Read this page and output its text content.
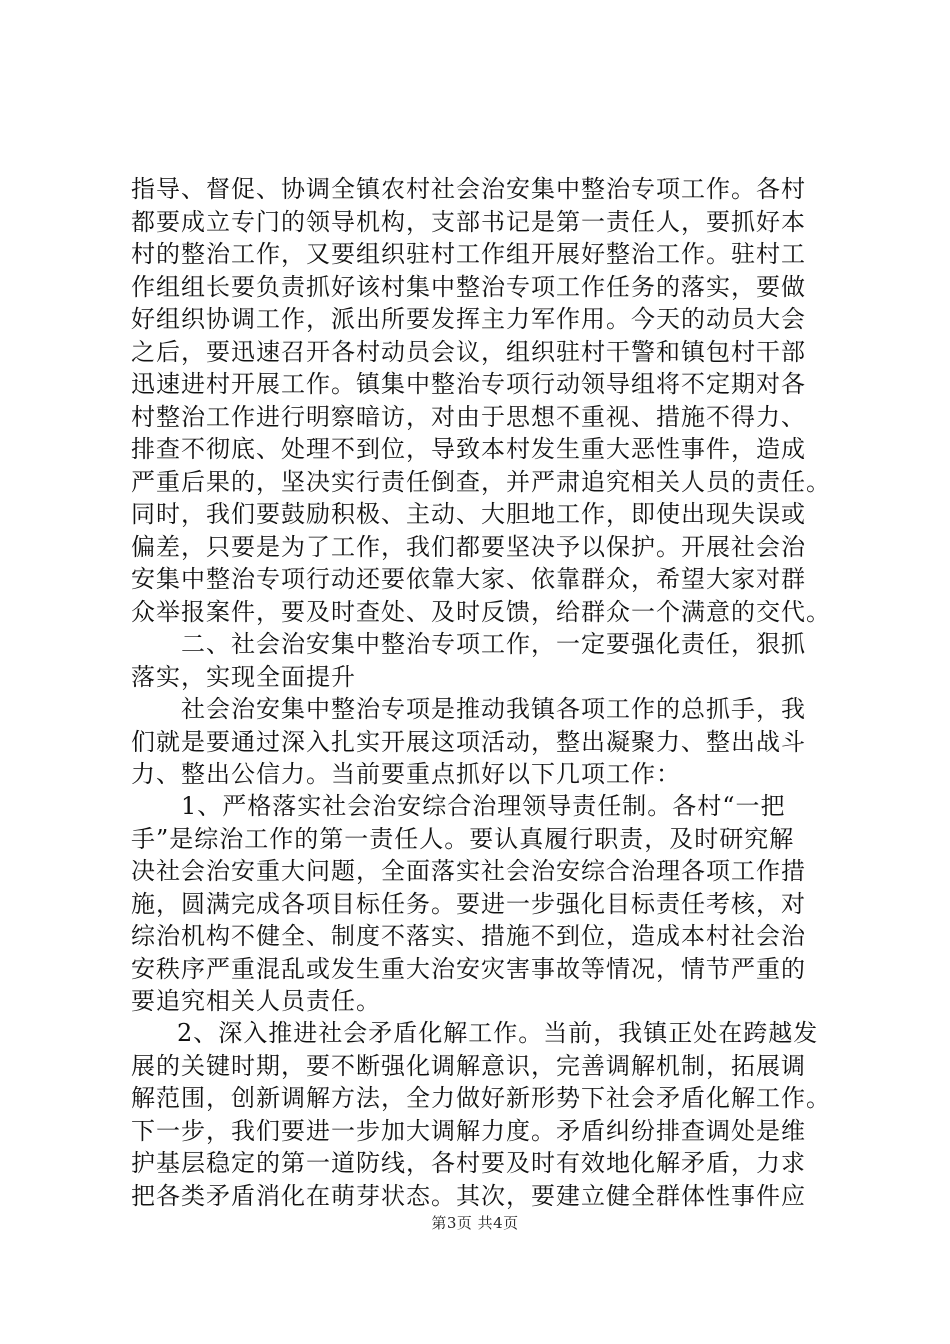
指导、督促、协调全镇农村社会治安集中整治专项工作。各村
都要成立专门的领导机构，支部书记是第一责任人，要抓好本
村的整治工作，又要组织驻村工作组开展好整治工作。驻村工
作组组长要负责抓好该村集中整治专项工作任务的落实，要做
好组织协调工作，派出所要发挥主力军作用。今天的动员大会
之后，要迅速召开各村动员会议，组织驻村干警和镇包村干部
迅速进村开展工作。镇集中整治专项行动领导组将不定期对各
村整治工作进行明察暗访，对由于思想不重视、措施不得力、
排查不彻底、处理不到位，导致本村发生重大恶性事件，造成
严重后果的，坚决实行责任倒查，并严肃追究相关人员的责任。
同时，我们要鼓励积极、主动、大胆地工作，即使出现失误或
偏差，只要是为了工作，我们都要坚决予以保护。开展社会治
安集中整治专项行动还要依靠大家、依靠群众，希望大家对群
众举报案件，要及时查处、及时反馈，给群众一个满意的交代。
二、社会治安集中整治专项工作，一定要强化责任，狠抓
落实，实现全面提升
社会治安集中整治专项是推动我镇各项工作的总抓手，我
们就是要通过深入扎实开展这项活动，整出凝聚力、整出战斗
力、整出公信力。当前要重点抓好以下几项工作：
1、严格落实社会治安综合治理领导责任制。各村“一把
手”是综治工作的第一责任人。要认真履行职责，及时研究解
决社会治安重大问题，全面落实社会治安综合治理各项工作措
施，圆满完成各项目标任务。要进一步强化目标责任考核，对
综治机构不健全、制度不落实、措施不到位，造成本村社会治
安秩序严重混乱或发生重大治安灾害事故等情况，情节严重的
要追究相关人员责任。
2、深入推进社会矛盾化解工作。当前，我镇正处在跨越发
展的关键时期，要不断强化调解意识，完善调解机制，拓展调
解范围，创新调解方法，全力做好新形势下社会矛盾化解工作。
下一步，我们要进一步加大调解力度。矛盾纠纷排查调处是维
护基层稳定的第一道防线，各村要及时有效地化解矛盾，力求
把各类矛盾消化在萌芽状态。其次，要建立健全群体性事件应
第3页 共4页
